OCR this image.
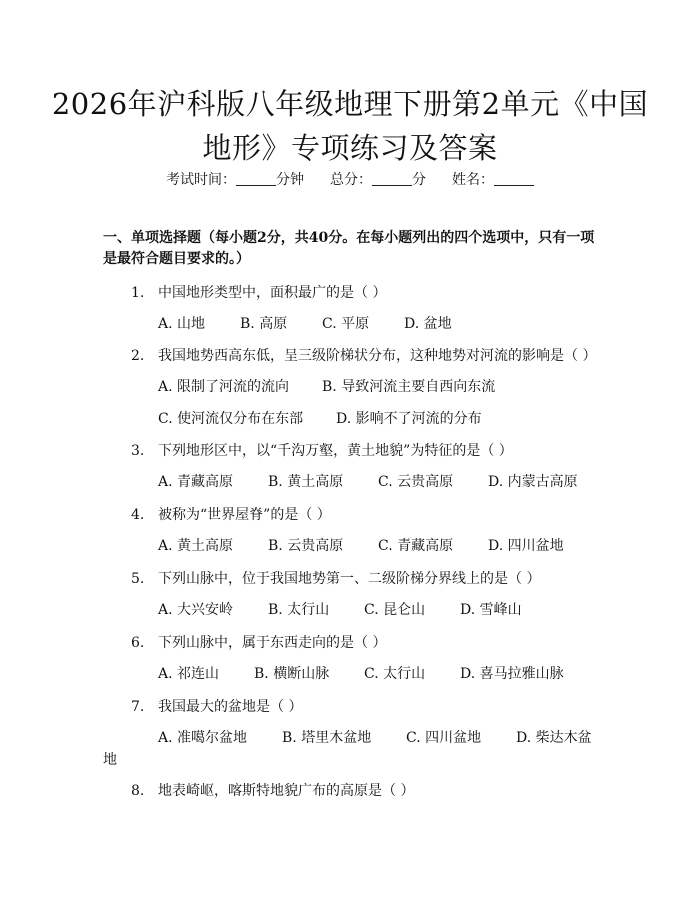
2026年沪科版八年级地理下册第2单元《中国地形》专项练习及答案
考试时间：	分钟 总分：	分 姓名：
一、单项选择题（每小题2分，共40分。在每小题列出的四个选项中，只有一项是最符合题目要求的。）
1. 中国地形类型中，面积最广的是（ ）
A. 山地 B. 高原 C. 平原 D. 盆地
2. 我国地势西高东低，呈三级阶梯状分布，这种地势对河流的影响是（ ）
A. 限制了河流的流向 B. 导致河流主要自西向东流
C. 使河流仅分布在东部 D. 影响不了河流的分布
3. 下列地形区中，以“千沟万壑，黄土地貌”为特征的是（ ）
A. 青藏高原 B. 黄土高原 C. 云贵高原 D. 内蒙古高原
4. 被称为“世界屋脊”的是（ ）
A. 黄土高原 B. 云贵高原 C. 青藏高原 D. 四川盆地
5. 下列山脉中，位于我国地势第一、二级阶梯分界线上的是（ ）
A. 大兴安岭 B. 太行山 C. 昆仑山 D. 雪峰山
6. 下列山脉中，属于东西走向的是（ ）
A. 祁连山 B. 横断山脉 C. 太行山 D. 喜马拉雅山脉
7. 我国最大的盆地是（ ）
A. 准噶尔盆地 B. 塔里木盆地 C. 四川盆地 D. 柴达木盆
地
8. 地表崎岖，喀斯特地貌广布的高原是（ ）
